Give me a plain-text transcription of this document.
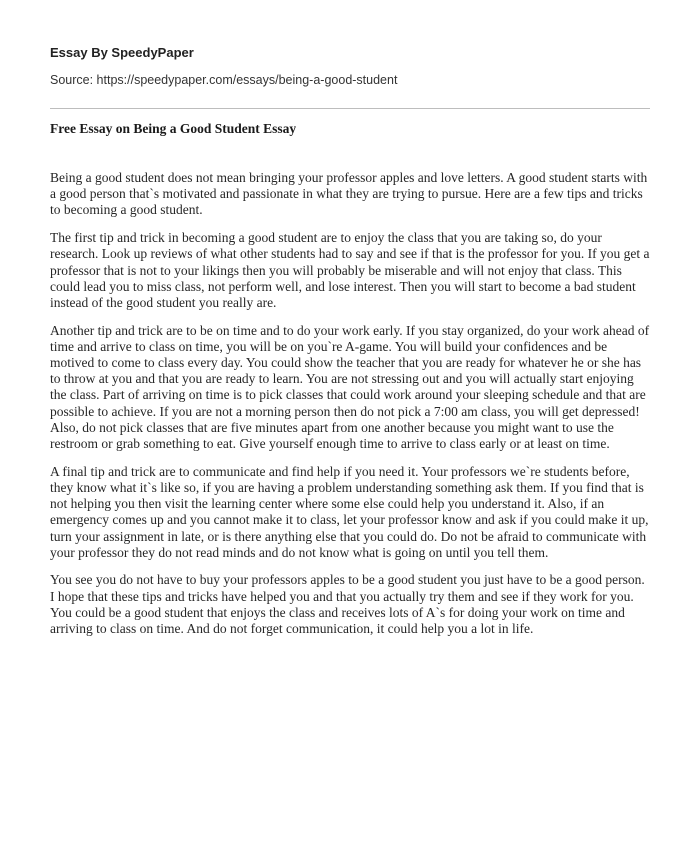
Essay By SpeedyPaper
Source: https://speedypaper.com/essays/being-a-good-student
Free Essay on Being a Good Student Essay

Being a good student does not mean bringing your professor apples and love letters. A good student starts with a good person that`s motivated and passionate in what they are trying to pursue. Here are a few tips and tricks to becoming a good student.

The first tip and trick in becoming a good student are to enjoy the class that you are taking so, do your research. Look up reviews of what other students had to say and see if that is the professor for you. If you get a professor that is not to your likings then you will probably be miserable and will not enjoy that class. This could lead you to miss class, not perform well, and lose interest. Then you will start to become a bad student instead of the good student you really are.

Another tip and trick are to be on time and to do your work early. If you stay organized, do your work ahead of time and arrive to class on time, you will be on you`re A-game. You will build your confidences and be motived to come to class every day. You could show the teacher that you are ready for whatever he or she has to throw at you and that you are ready to learn. You are not stressing out and you will actually start enjoying the class. Part of arriving on time is to pick classes that could work around your sleeping schedule and that are possible to achieve. If you are not a morning person then do not pick a 7:00 am class, you will get depressed! Also, do not pick classes that are five minutes apart from one another because you might want to use the restroom or grab something to eat. Give yourself enough time to arrive to class early or at least on time.

A final tip and trick are to communicate and find help if you need it. Your professors we`re students before, they know what it`s like so, if you are having a problem understanding something ask them. If you find that is not helping you then visit the learning center where some else could help you understand it. Also, if an emergency comes up and you cannot make it to class, let your professor know and ask if you could make it up, turn your assignment in late, or is there anything else that you could do. Do not be afraid to communicate with your professor they do not read minds and do not know what is going on until you tell them.

You see you do not have to buy your professors apples to be a good student you just have to be a good person. I hope that these tips and tricks have helped you and that you actually try them and see if they work for you. You could be a good student that enjoys the class and receives lots of A`s for doing your work on time and arriving to class on time. And do not forget communication, it could help you a lot in life.
